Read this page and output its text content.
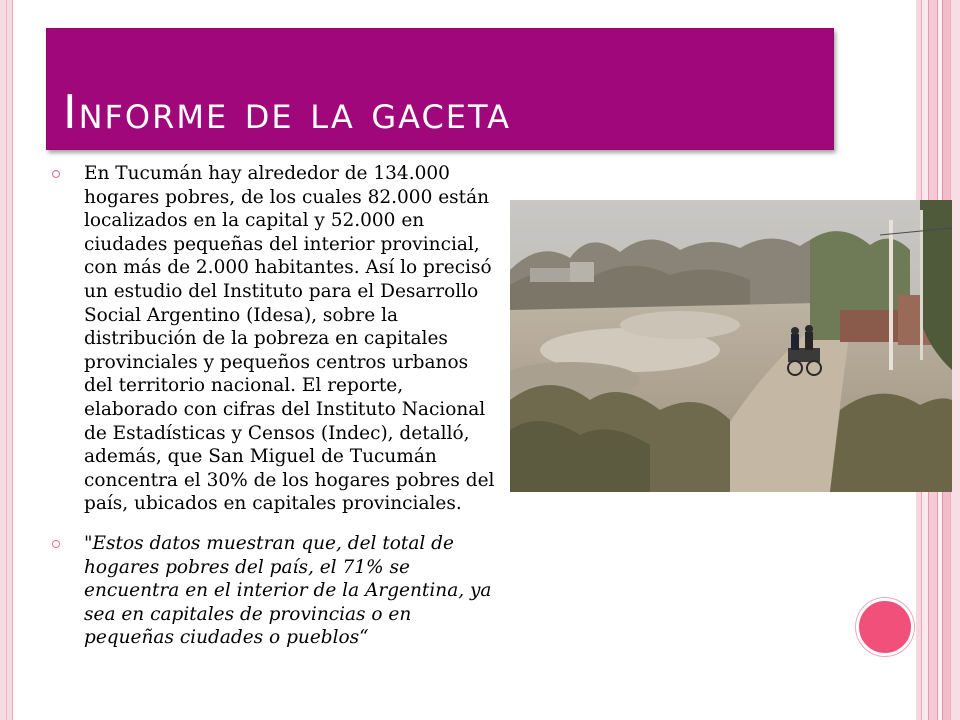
Informe de la gaceta
En Tucumán hay alrededor de 134.000 hogares pobres, de los cuales 82.000 están localizados en la capital y 52.000 en ciudades pequeñas del interior provincial, con más de 2.000 habitantes. Así lo precisó un estudio del Instituto para el Desarrollo Social Argentino (Idesa), sobre la distribución de la pobreza en capitales provinciales y pequeños centros urbanos del territorio nacional. El reporte, elaborado con cifras del Instituto Nacional de Estadísticas y Censos (Indec), detalló, además, que San Miguel de Tucumán concentra el 30% de los hogares pobres del país, ubicados en capitales provinciales.
"Estos datos muestran que, del total de hogares pobres del país, el 71% se encuentra en el interior de la Argentina, ya sea en capitales de provincias o en pequeñas ciudades o pueblos“
